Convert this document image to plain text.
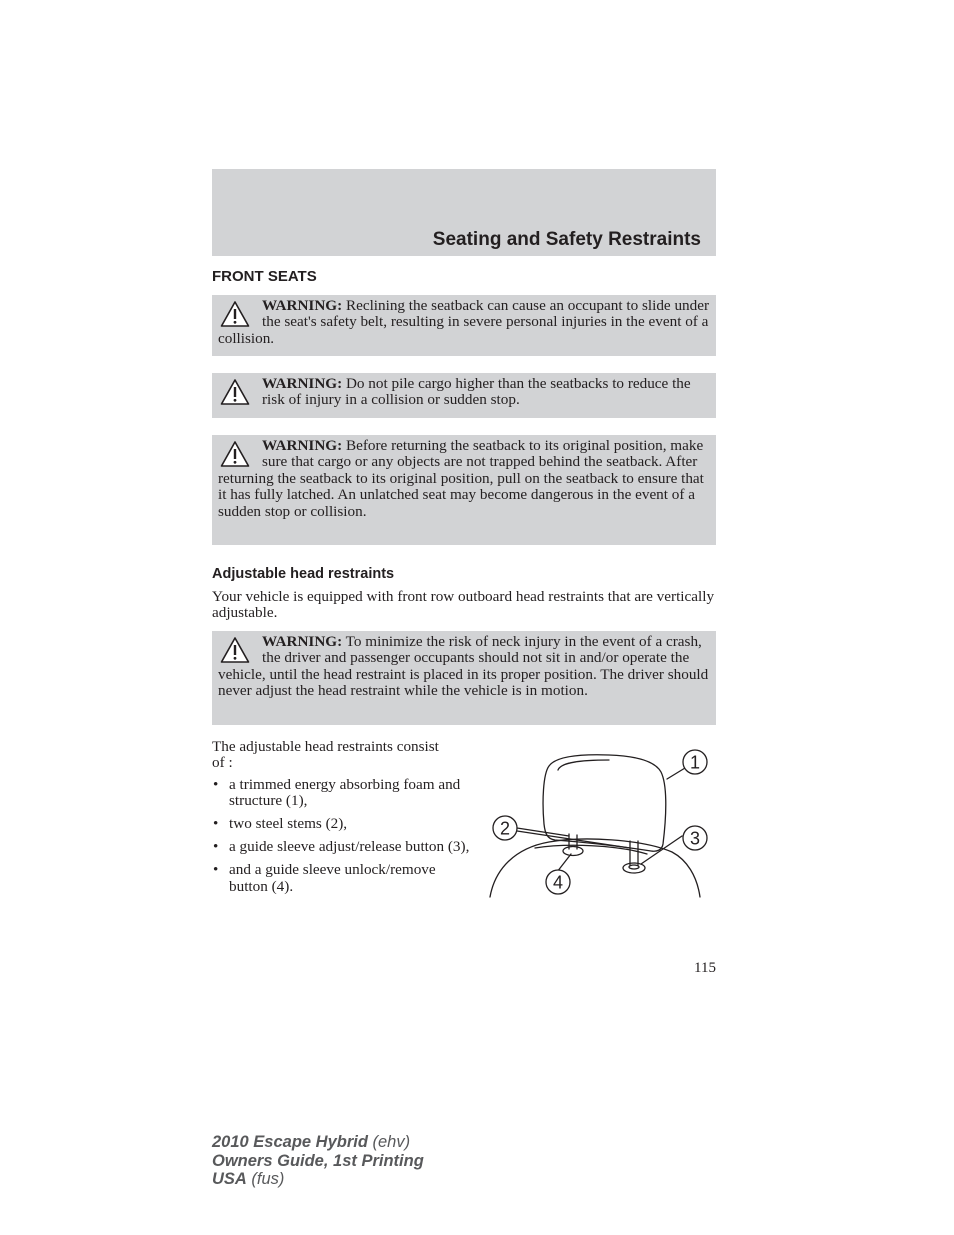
Seating and Safety Restraints
FRONT SEATS
WARNING: Reclining the seatback can cause an occupant to slide under the seat's safety belt, resulting in severe personal injuries in the event of a collision.
WARNING: Do not pile cargo higher than the seatbacks to reduce the risk of injury in a collision or sudden stop.
WARNING: Before returning the seatback to its original position, make sure that cargo or any objects are not trapped behind the seatback. After returning the seatback to its original position, pull on the seatback to ensure that it has fully latched. An unlatched seat may become dangerous in the event of a sudden stop or collision.
Adjustable head restraints
Your vehicle is equipped with front row outboard head restraints that are vertically adjustable.
WARNING: To minimize the risk of neck injury in the event of a crash, the driver and passenger occupants should not sit in and/or operate the vehicle, until the head restraint is placed in its proper position. The driver should never adjust the head restraint while the vehicle is in motion.
The adjustable head restraints consist of :
• a trimmed energy absorbing foam and structure (1),
• two steel stems (2),
• a guide sleeve adjust/release button (3),
• and a guide sleeve unlock/remove button (4).
1
2	3
4
115
2010 Escape Hybrid (ehv)
Owners Guide, 1st Printing
USA (fus)
